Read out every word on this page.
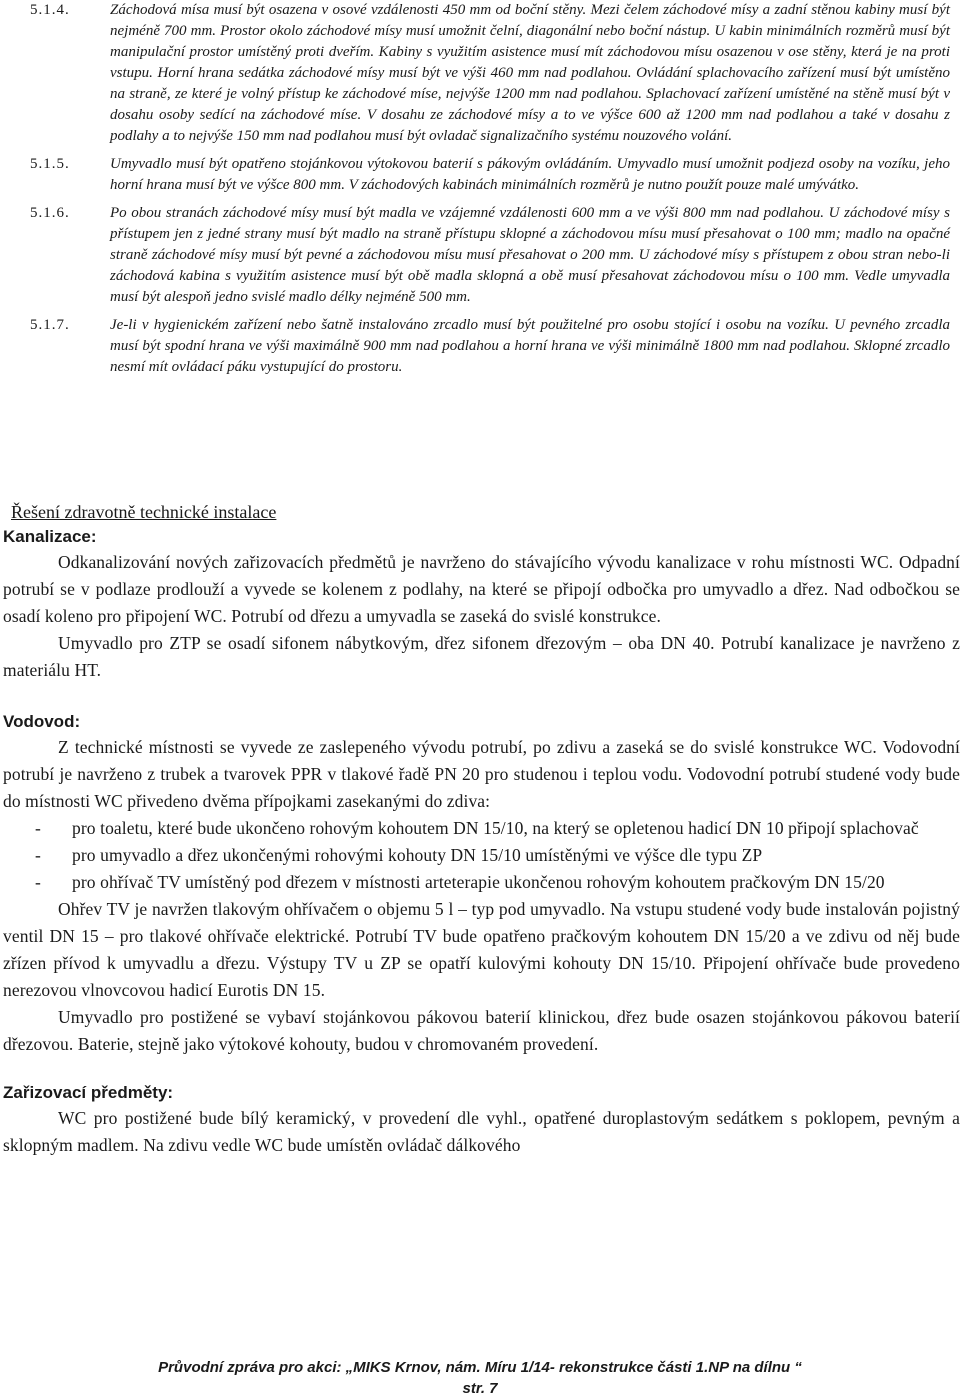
5.1.4.	Záchodová mísa musí být osazena v osové vzdálenosti 450 mm od boční stěny. Mezi čelem záchodové mísy a zadní stěnou kabiny musí být nejméně 700 mm. Prostor okolo záchodové mísy musí umožnit čelní, diagonální nebo boční nástup. U kabin minimálních rozměrů musí být manipulační prostor umístěný proti dveřím. Kabiny s využitím asistence musí mít záchodovou mísu osazenou v ose stěny, která je na proti vstupu. Horní hrana sedátka záchodové mísy musí být ve výši 460 mm nad podlahou. Ovládání splachovacího zařízení musí být umístěno na straně, ze které je volný přístup ke záchodové míse, nejvýše 1200 mm nad podlahou. Splachovací zařízení umístěné na stěně musí být v dosahu osoby sedící na záchodové míse. V dosahu ze záchodové mísy a to ve výšce 600 až 1200 mm nad podlahou a také v dosahu z podlahy a to nejvýše 150 mm nad podlahou musí být ovladač signalizačního systému nouzového volání.

5.1.5.	Umyvadlo musí být opatřeno stojánkovou výtokovou baterií s pákovým ovládáním. Umyvadlo musí umožnit podjezd osoby na vozíku, jeho horní hrana musí být ve výšce 800 mm. V záchodových kabinách minimálních rozměrů je nutno použít pouze malé umývátko.

5.1.6.	Po obou stranách záchodové mísy musí být madla ve vzájemné vzdálenosti 600 mm a ve výši 800 mm nad podlahou. U záchodové mísy s přístupem jen z jedné strany musí být madlo na straně přístupu sklopné a záchodovou mísu musí přesahovat o 100 mm; madlo na opačné straně záchodové mísy musí být pevné a záchodovou mísu musí přesahovat o 200 mm. U záchodové mísy s přístupem z obou stran nebo-li záchodová kabina s využitím asistence musí být obě madla sklopná a obě musí přesahovat záchodovou mísu o 100 mm. Vedle umyvadla musí být alespoň jedno svislé madlo délky nejméně 500 mm.

5.1.7.	Je-li v hygienickém zařízení nebo šatně instalováno zrcadlo musí být použitelné pro osobu stojící i osobu na vozíku. U pevného zrcadla musí být spodní hrana ve výši maximálně 900 mm nad podlahou a horní hrana ve výši minimálně 1800 mm nad podlahou. Sklopné zrcadlo nesmí mít ovládací páku vystupující do prostoru.

Řešení zdravotně technické instalace

Kanalizace:

Odkanalizování nových zařizovacích předmětů je navrženo do stávajícího vývodu kanalizace v rohu místnosti WC. Odpadní potrubí se v podlaze prodlouží a vyvede se kolenem z podlahy, na které se připojí odbočka pro umyvadlo a dřez. Nad odbočkou se osadí koleno pro připojení WC. Potrubí od dřezu a umyvadla se zaseká do svislé konstrukce.

Umyvadlo pro ZTP se osadí sifonem nábytkovým, dřez sifonem dřezovým – oba DN 40. Potrubí kanalizace je navrženo z materiálu HT.

Vodovod:

Z technické místnosti se vyvede ze zaslepeného vývodu potrubí, po zdivu a zaseká se do svislé konstrukce WC. Vodovodní potrubí je navrženo z trubek a tvarovek PPR v tlakové řadě PN 20 pro studenou i teplou vodu. Vodovodní potrubí studené vody bude do místnosti WC přivedeno dvěma přípojkami zasekanými do zdiva:

- pro toaletu, které bude ukončeno rohovým kohoutem DN 15/10, na který se opletenou hadicí DN 10 připojí splachovač
- pro umyvadlo a dřez ukončenými rohovými kohouty DN 15/10 umístěnými ve výšce dle typu ZP
- pro ohřívač TV umístěný pod dřezem v místnosti arteterapie ukončenou rohovým kohoutem pračkovým DN 15/20

Ohřev TV je navržen tlakovým ohřívačem o objemu 5 l – typ pod umyvadlo. Na vstupu studené vody bude instalován pojistný ventil DN 15 – pro tlakové ohřívače elektrické. Potrubí TV bude opatřeno pračkovým kohoutem DN 15/20 a ve zdivu od něj bude zřízen přívod k umyvadlu a dřezu. Výstupy TV u ZP se opatří kulovými kohouty DN 15/10. Připojení ohřívače bude provedeno nerezovou vlnovcovou hadicí Eurotis DN 15.

Umyvadlo pro postižené se vybaví stojánkovou pákovou baterií klinickou, dřez bude osazen stojánkovou pákovou baterií dřezovou. Baterie, stejně jako výtokové kohouty, budou v chromovaném provedení.

Zařizovací předměty:

WC pro postižené bude bílý keramický, v provedení dle vyhl., opatřené duroplastovým sedátkem s poklopem, pevným a sklopným madlem. Na zdivu vedle WC bude umístěn ovládač dálkového

Průvodní zpráva pro akci: „MIKS Krnov, nám. Míru 1/14- rekonstrukce části 1.NP na dílnu “
str. 7
